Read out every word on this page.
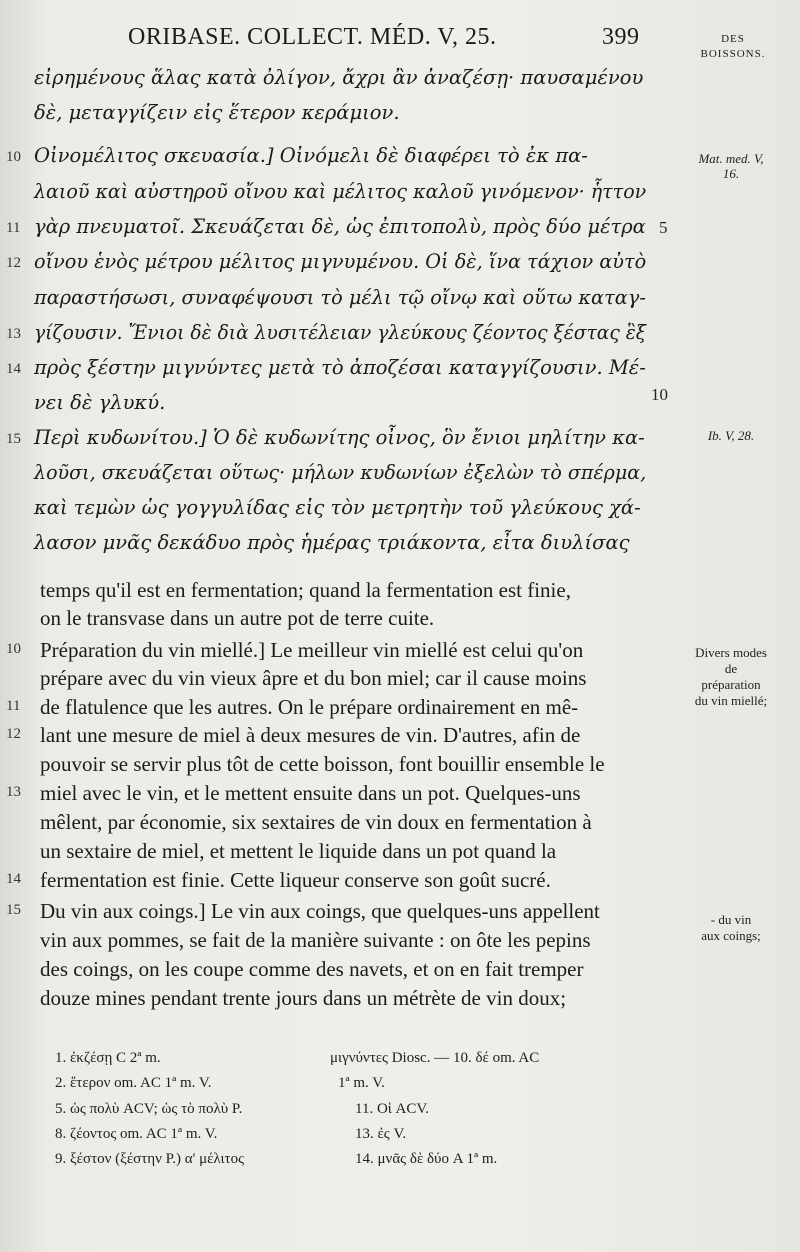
ORIBASE. COLLECT. MÉD. V, 25.	399	DES
BOISSONS.
εἰρημένους ἅλας κατὰ ὀλίγον, ἄχρι ἂν ἀναζέσῃ· παυσαμένου
δὲ, μεταγγίζειν εἰς ἕτερον κεράμιον.
Οἰνομέλιτος σκευασία.] Οἰνόμελι δὲ διαφέρει τὸ ἐκ πα-
λαιοῦ καὶ αὐστηροῦ οἴνου καὶ μέλιτος καλοῦ γινόμενον· ἧττον
γὰρ πνευματοῖ. Σκευάζεται δὲ, ὡς ἐπιτοπολὺ, πρὸς δύο μέτρα
οἴνου ἑνὸς μέτρου μέλιτος μιγνυμένου. Οἱ δὲ, ἵνα τάχιον αὐτὸ
παραστήσωσι, συναφέψουσι τὸ μέλι τῷ οἴνῳ καὶ οὕτω καταγ-
γίζουσιν. Ἔνιοι δὲ διὰ λυσιτέλειαν γλεύκους ζέοντος ξέστας ἓξ
πρὸς ξέστην μιγνύντες μετὰ τὸ ἀποζέσαι καταγγίζουσιν. Μέ-
νει δὲ γλυκύ.
Περὶ κυδωνίτου.] Ὁ δὲ κυδωνίτης οἶνος, ὃν ἔνιοι μηλίτην κα-
λοῦσι, σκευάζεται οὕτως· μήλων κυδωνίων ἐξελὼν τὸ σπέρμα,
καὶ τεμὼν ὡς γογγυλίδας εἰς τὸν μετρητὴν τοῦ γλεύκους χά-
λασον μνᾶς δεκάδυο πρὸς ἡμέρας τριάκοντα, εἶτα διυλίσας
10
11
12
13
14
15
5
10
Mat. med. V,
16.
Ib. V, 28.
temps qu'il est en fermentation; quand la fermentation est finie,
on le transvase dans un autre pot de terre cuite.
Préparation du vin miellé.] Le meilleur vin miellé est celui qu'on
prépare avec du vin vieux âpre et du bon miel; car il cause moins
de flatulence que les autres. On le prépare ordinairement en mê-
lant une mesure de miel à deux mesures de vin. D'autres, afin de
pouvoir se servir plus tôt de cette boisson, font bouillir ensemble le
miel avec le vin, et le mettent ensuite dans un pot. Quelques-uns
mêlent, par économie, six sextaires de vin doux en fermentation à
un sextaire de miel, et mettent le liquide dans un pot quand la
fermentation est finie. Cette liqueur conserve son goût sucré.
Du vin aux coings.] Le vin aux coings, que quelques-uns appellent
vin aux pommes, se fait de la manière suivante : on ôte les pepins
des coings, on les coupe comme des navets, et on en fait tremper
douze mines pendant trente jours dans un métrète de vin doux;
10
11
12
13
14
15
Divers modes
de
préparation
du vin miellé;
- du vin
aux coings;
1. ἐκζέσῃ C 2ª m.
2. ἕτερον om. AC 1ª m. V.
5. ὡς πολὺ ACV; ὡς τὸ πολὺ P.
8. ζέοντος om. AC 1ª m. V.
9. ξέστον (ξέστην P.) α' μέλιτος
μιγνύντες Diosc. — 10. δέ om. AC
1ª m. V.
11. Οἱ ACV.
13. ἐς V.
14. μνᾶς δὲ δύο A 1ª m.
